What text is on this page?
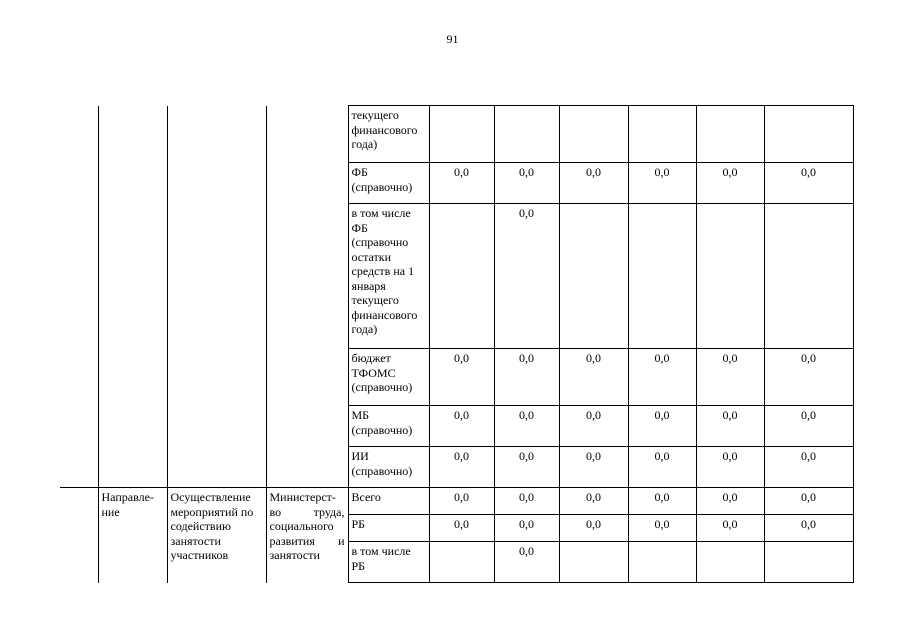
91
				текущего финансового года)						
				ФБ (справочно)	0,0	0,0	0,0	0,0	0,0	0,0
				в том числе ФБ (справочно остатки средств на 1 января текущего финансового года)		0,0				
				бюджет ТФОМС (справочно)	0,0	0,0	0,0	0,0	0,0	0,0
				МБ (справочно)	0,0	0,0	0,0	0,0	0,0	0,0
				ИИ (справочно)	0,0	0,0	0,0	0,0	0,0	0,0
	Направле-ние	Осуществление мероприятий по содействию занятости участников	Министерст-во труда, социального развития и занятости	Всего	0,0	0,0	0,0	0,0	0,0	0,0
				РБ	0,0	0,0	0,0	0,0	0,0	0,0
				в том числе РБ		0,0				
